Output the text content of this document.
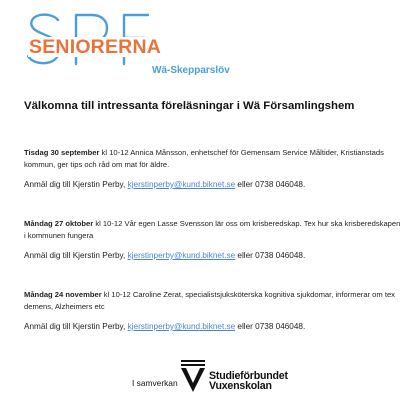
SENIORERNA
Wä-Skepparslöv
Välkomna till intressanta föreläsningar i Wä Församlingshem
Tisdag 30 september kl 10-12 Annica Månsson, enhetschef för Gemensam Service Måltider, Kristianstads kommun, ger tips och råd om mat för äldre.
Anmäl dig till Kjerstin Perby, kjerstinperby@kund.biknet.se eller 0738 046048.
Måndag 27 oktober kl 10-12 Vår egen Lasse Svensson lär oss om krisberedskap. Tex hur ska krisberedskapen i kommunen fungera
Anmäl dig till Kjerstin Perby, kjerstinperby@kund.biknet.se eller 0738 046048.
Måndag 24 november kl 10-12 Caroline Zerat, specialistsjuksköterska kognitiva sjukdomar, informerar om tex demens, Alzheimers etc
Anmäl dig till Kjerstin Perby, kjerstinperby@kund.biknet.se eller 0738 046048.
I samverkan
Studieförbundet
Vuxenskolan
